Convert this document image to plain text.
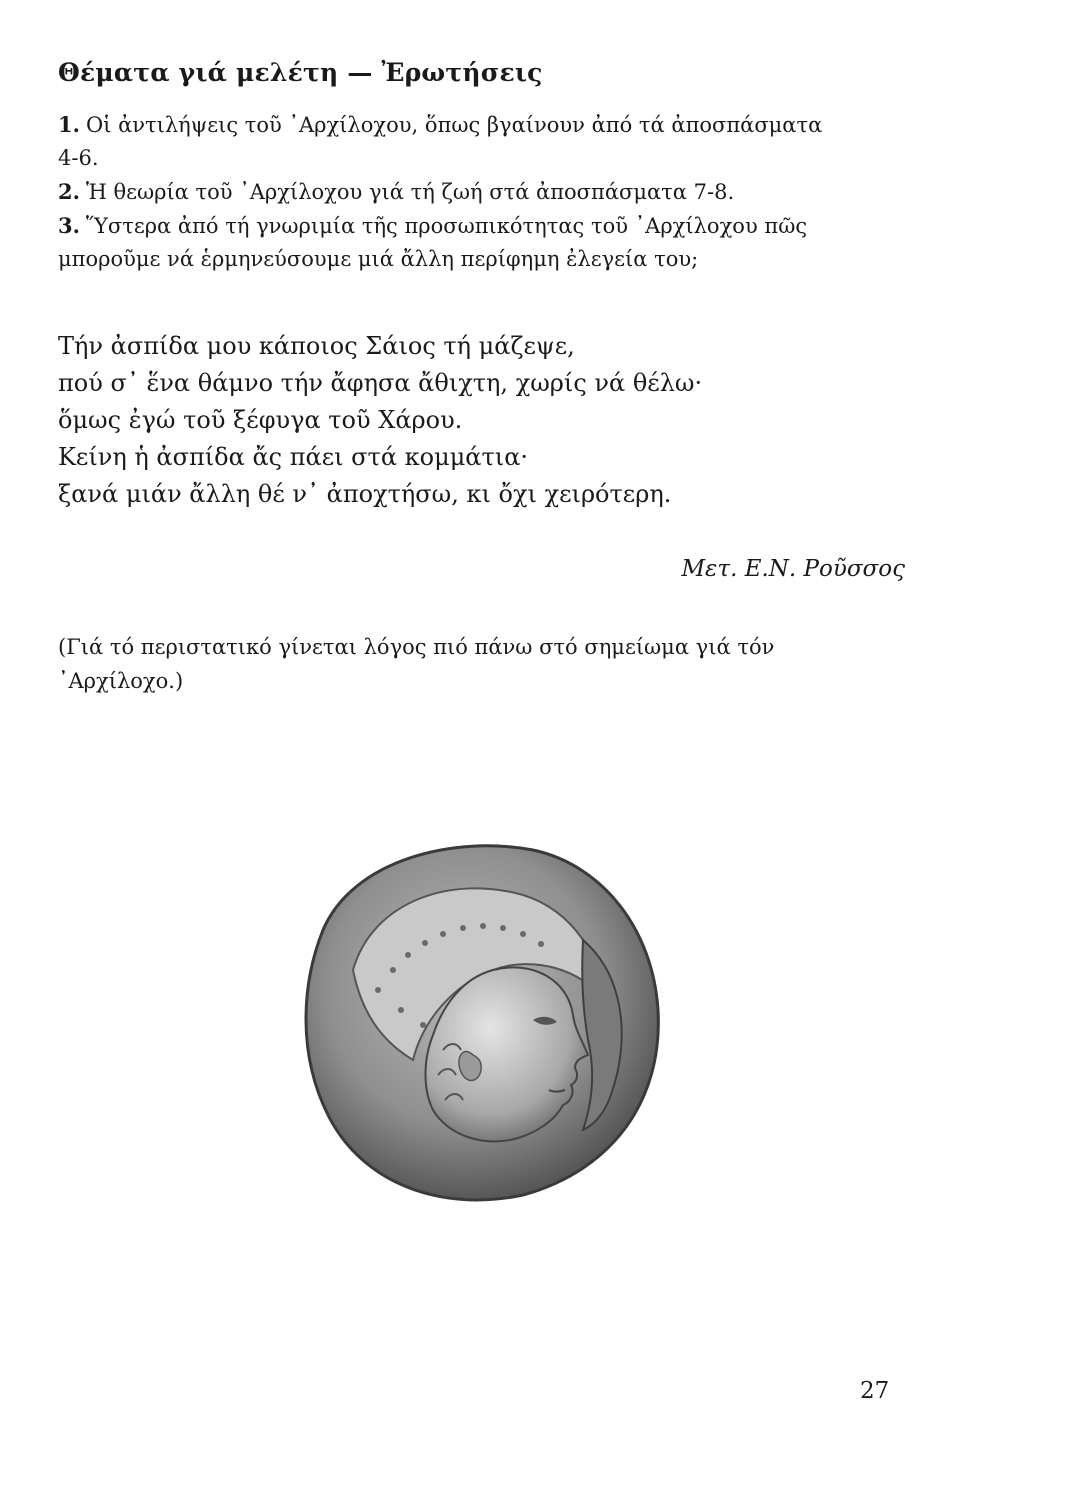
Θέματα γιά μελέτη — Ἐρωτήσεις

1. Οἱ ἀντιλήψεις τοῦ ᾿Αρχίλοχου, ὅπως βγαίνουν ἀπό τά ἀποσπάσματα
4-6.

2. Ἡ θεωρία τοῦ ᾿Αρχίλοχου γιά τή ζωή στά ἀποσπάσματα 7-8.

3. Ὕστερα ἀπό τή γνωριμία τῆς προσωπικότητας τοῦ ᾿Αρχίλοχου πῶς
μποροῦμε νά ἑρμηνεύσουμε μιά ἄλλη περίφημη ἐλεγεία του;

Τήν ἀσπίδα μου κάποιος Σάιος τή μάζεψε,
πού σ᾿ ἕνα θάμνο τήν ἄφησα ἄθιχτη, χωρίς νά θέλω·
ὅμως ἐγώ τοῦ ξέφυγα τοῦ Χάρου.
Κείνη ἡ ἀσπίδα ἄς πάει στά κομμάτια·
ξανά μιάν ἄλλη θέ ν᾿ ἀποχτήσω, κι ὄχι χειρότερη.
Μετ. Ε.Ν. Ροῦσσος
(Γιά τό περιστατικό γίνεται λόγος πιό πάνω στό σημείωμα γιά τόν ᾿Αρχίλοχο.)
27
